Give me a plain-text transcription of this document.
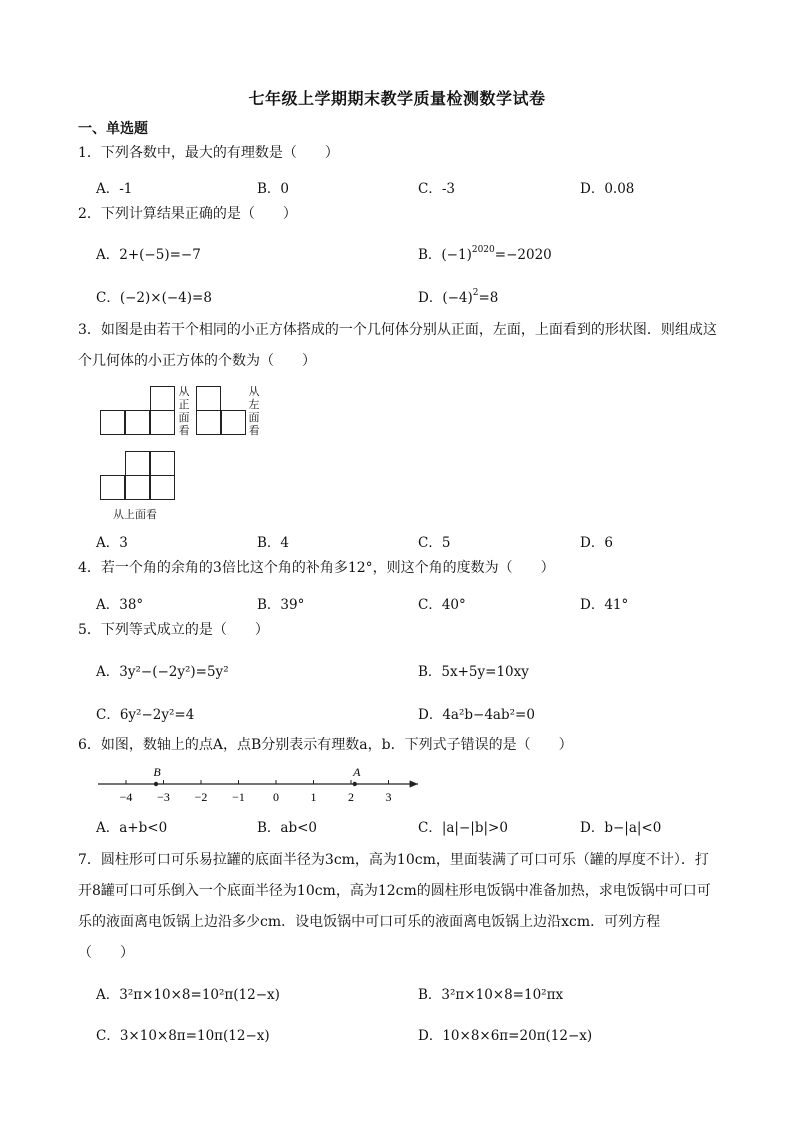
七年级上学期期末教学质量检测数学试卷
一、单选题
1．下列各数中，最大的有理数是（　　）
A．-1	B．0	C．-3	D．0.08
2．下列计算结果正确的是（　　）
A．2+(−5)=−7	B．$(-1)^{2020}=-2020$
C．(−2)×(−4)=8	D．$(-4)^2=8$
3．如图是由若干个相同的小正方体搭成的一个几何体分别从正面，左面，上面看到的形状图．则组成这
个几何体的小正方体的个数为（　　）
从正面看
从左面看
从上面看
A．3	B．4	C．5	D．6
4．若一个角的余角的3倍比这个角的补角多12°，则这个角的度数为（　　）
A．38°	B．39°	C．40°	D．41°
5．下列等式成立的是（　　）
A．3y²−(−2y²)=5y²	B．5x+5y=10xy
C．6y²−2y²=4	D．4a²b−4ab²=0
6．如图，数轴上的点A，点B分别表示有理数a，b．下列式子错误的是（　　）
−4 −3 −2 −1 0	1	2	3
B	A
A．a+b<0	B．ab<0	C．|a|−|b|>0	D．b−|a|<0
7．圆柱形可口可乐易拉罐的底面半径为3cm，高为10cm，里面装满了可口可乐（罐的厚度不计）．打
开8罐可口可乐倒入一个底面半径为10cm，高为12cm的圆柱形电饭锅中准备加热，求电饭锅中可口可
乐的液面离电饭锅上边沿多少cm．设电饭锅中可口可乐的液面离电饭锅上边沿xcm．可列方程
（　　）
A．3²π×10×8=10²π(12−x)	B．3²π×10×8=10²πx
C．3×10×8π=10π(12−x)	D．10×8×6π=20π(12−x)
